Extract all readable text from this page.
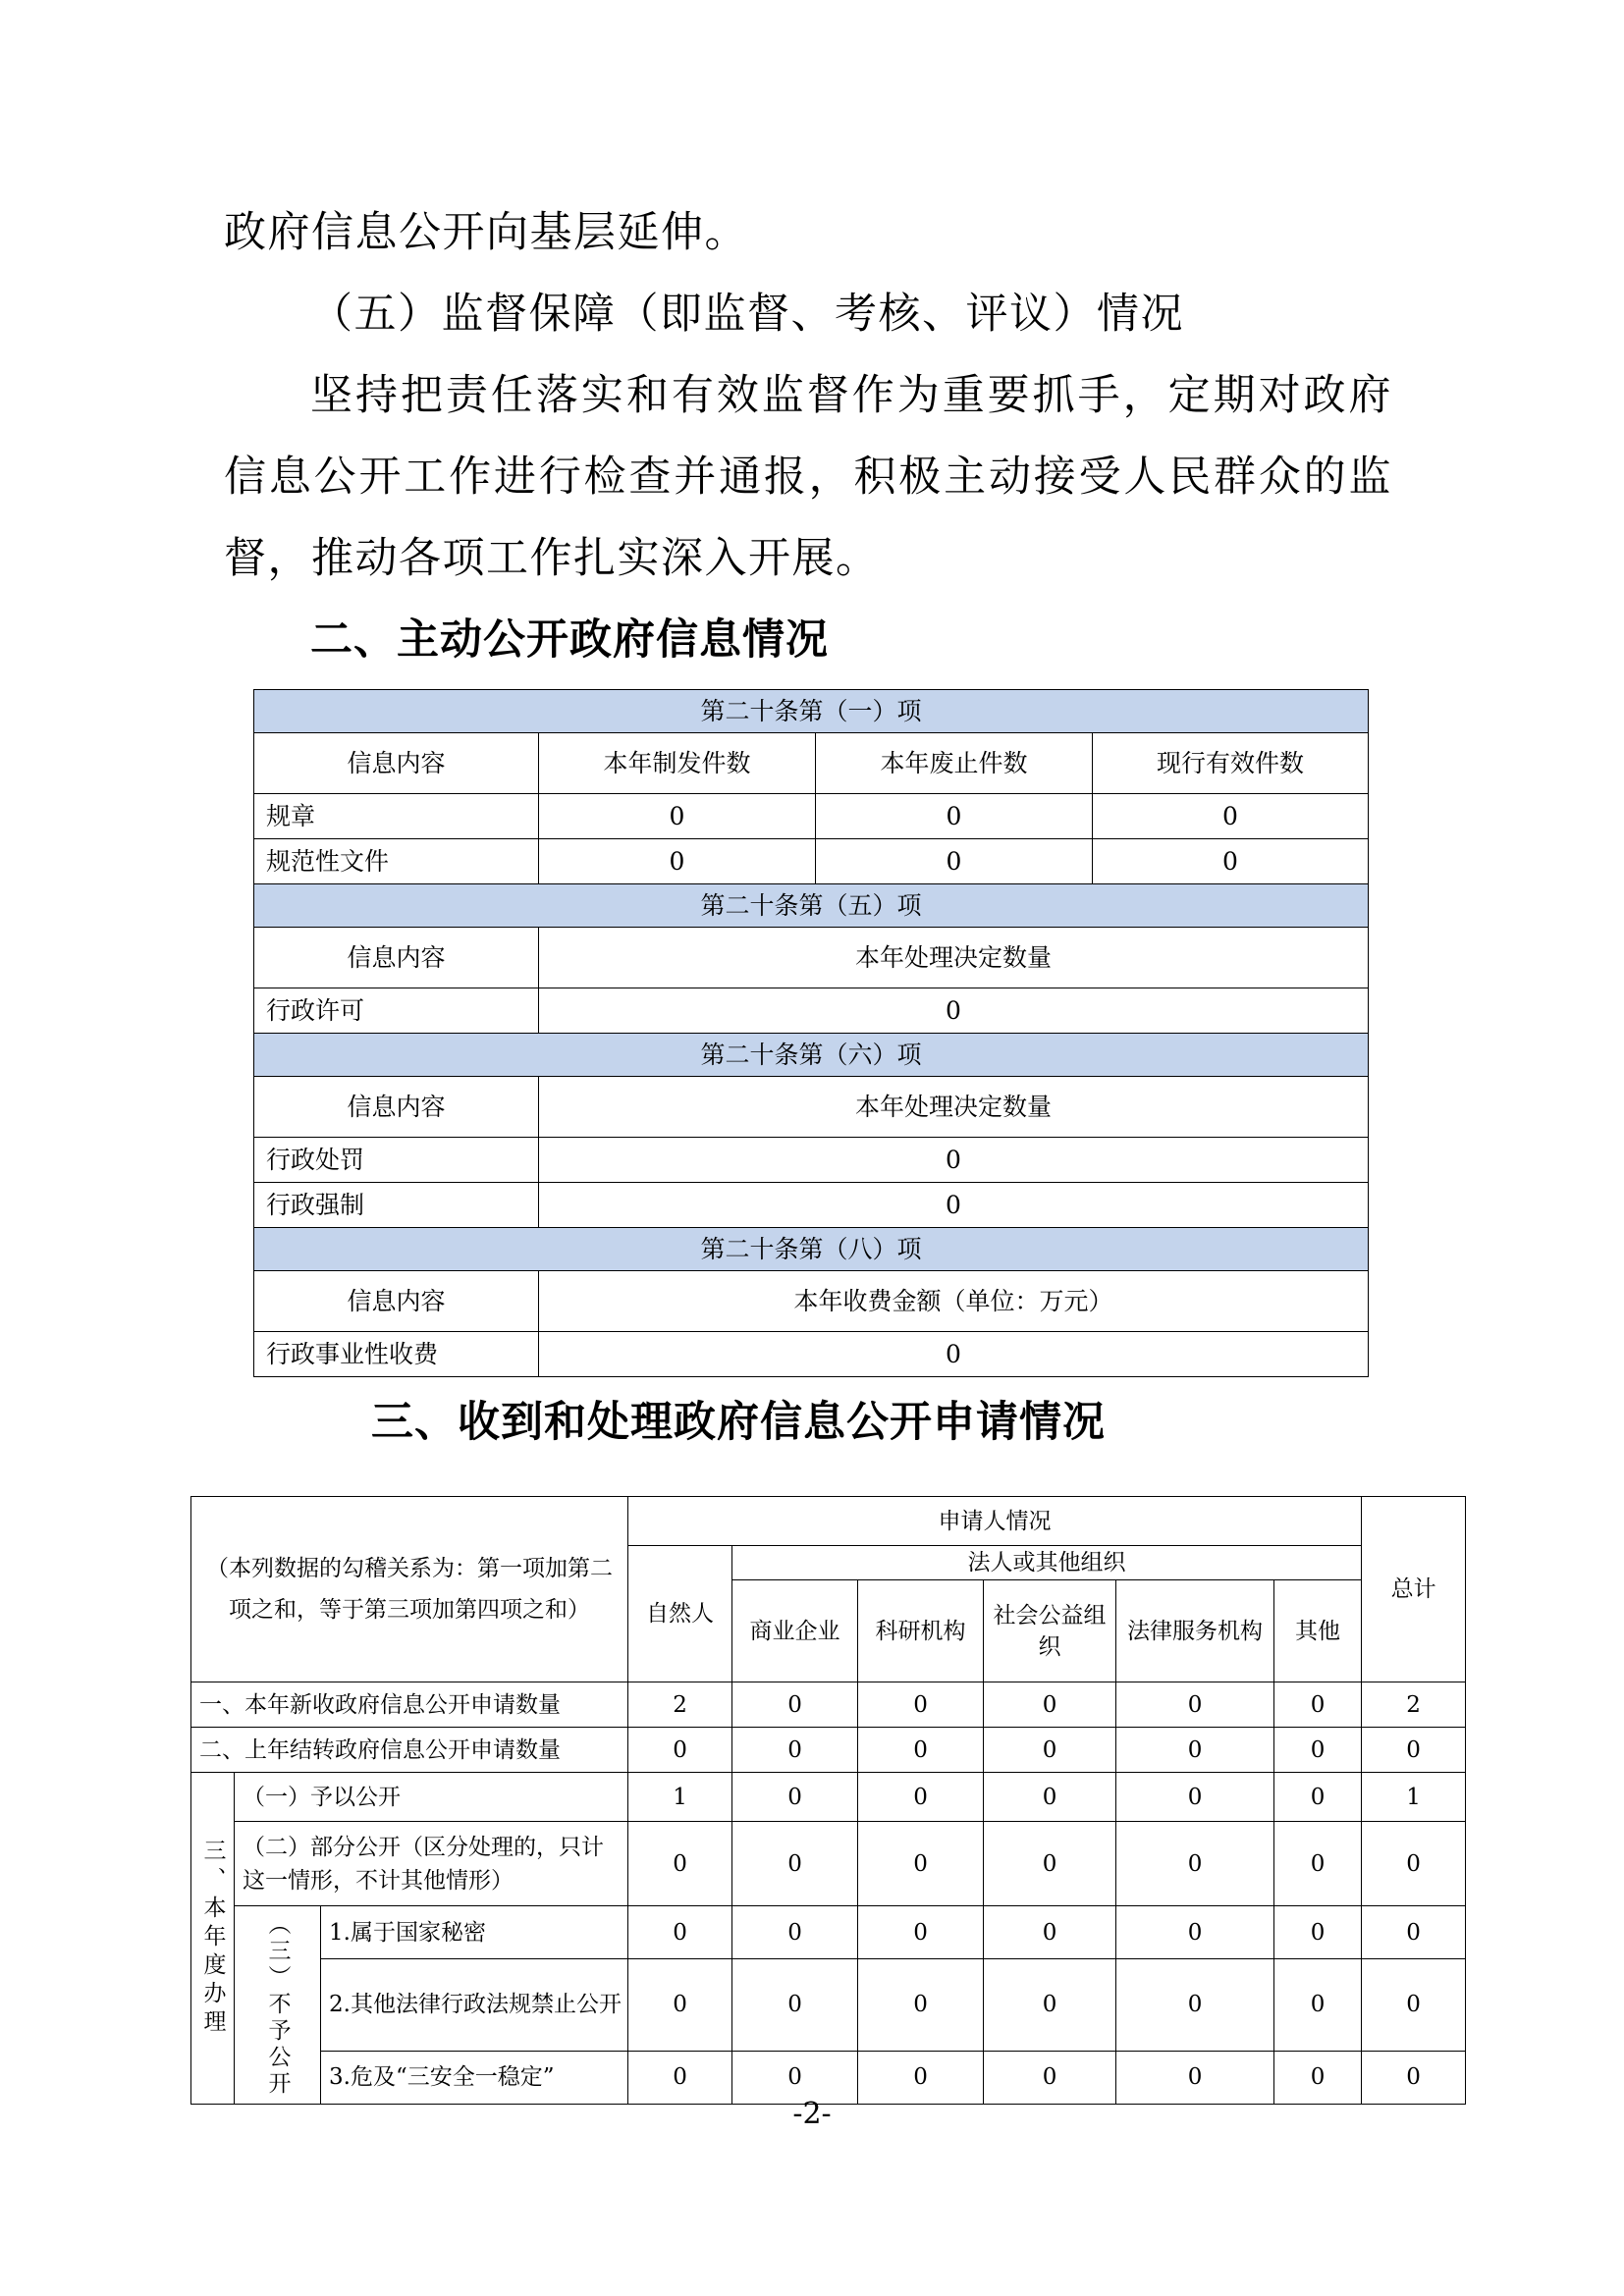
政府信息公开向基层延伸。

（五）监督保障（即监督、考核、评议）情况

坚持把责任落实和有效监督作为重要抓手，定期对政府信息公开工作进行检查并通报，积极主动接受人民群众的监督，推动各项工作扎实深入开展。

二、主动公开政府信息情况

第二十条第（一）项			
信息内容	本年制发件数	本年废止件数	现行有效件数
规章	0	0	0
规范性文件	0	0	0
第二十条第（五）项			
信息内容	本年处理决定数量		
行政许可	0		
第二十条第（六）项			
信息内容	本年处理决定数量		
行政处罚	0		
行政强制	0		
第二十条第（八）项			
信息内容	本年收费金额（单位：万元）		
行政事业性收费	0		

三、收到和处理政府信息公开申请情况

（本列数据的勾稽关系为：第一项加第二项之和，等于第三项加第四项之和）			申请人情况						总计
			自然人	法人或其他组织					
				商业企业	科研机构	社会公益组织	法律服务机构	其他	
一、本年新收政府信息公开申请数量			2	0	0	0	0	0	2
二、上年结转政府信息公开申请数量			0	0	0	0	0	0	0
三、本年度办理	（一）予以公开		1	0	0	0	0	0	1
	（二）部分公开（区分处理的，只计这一情形，不计其他情形）		0	0	0	0	0	0	0
	（三）不予公开	1.属于国家秘密	0	0	0	0	0	0	0
		2.其他法律行政法规禁止公开	0	0	0	0	0	0	0
		3.危及“三安全一稳定”	0	0	0	0	0	0	0
-2-
